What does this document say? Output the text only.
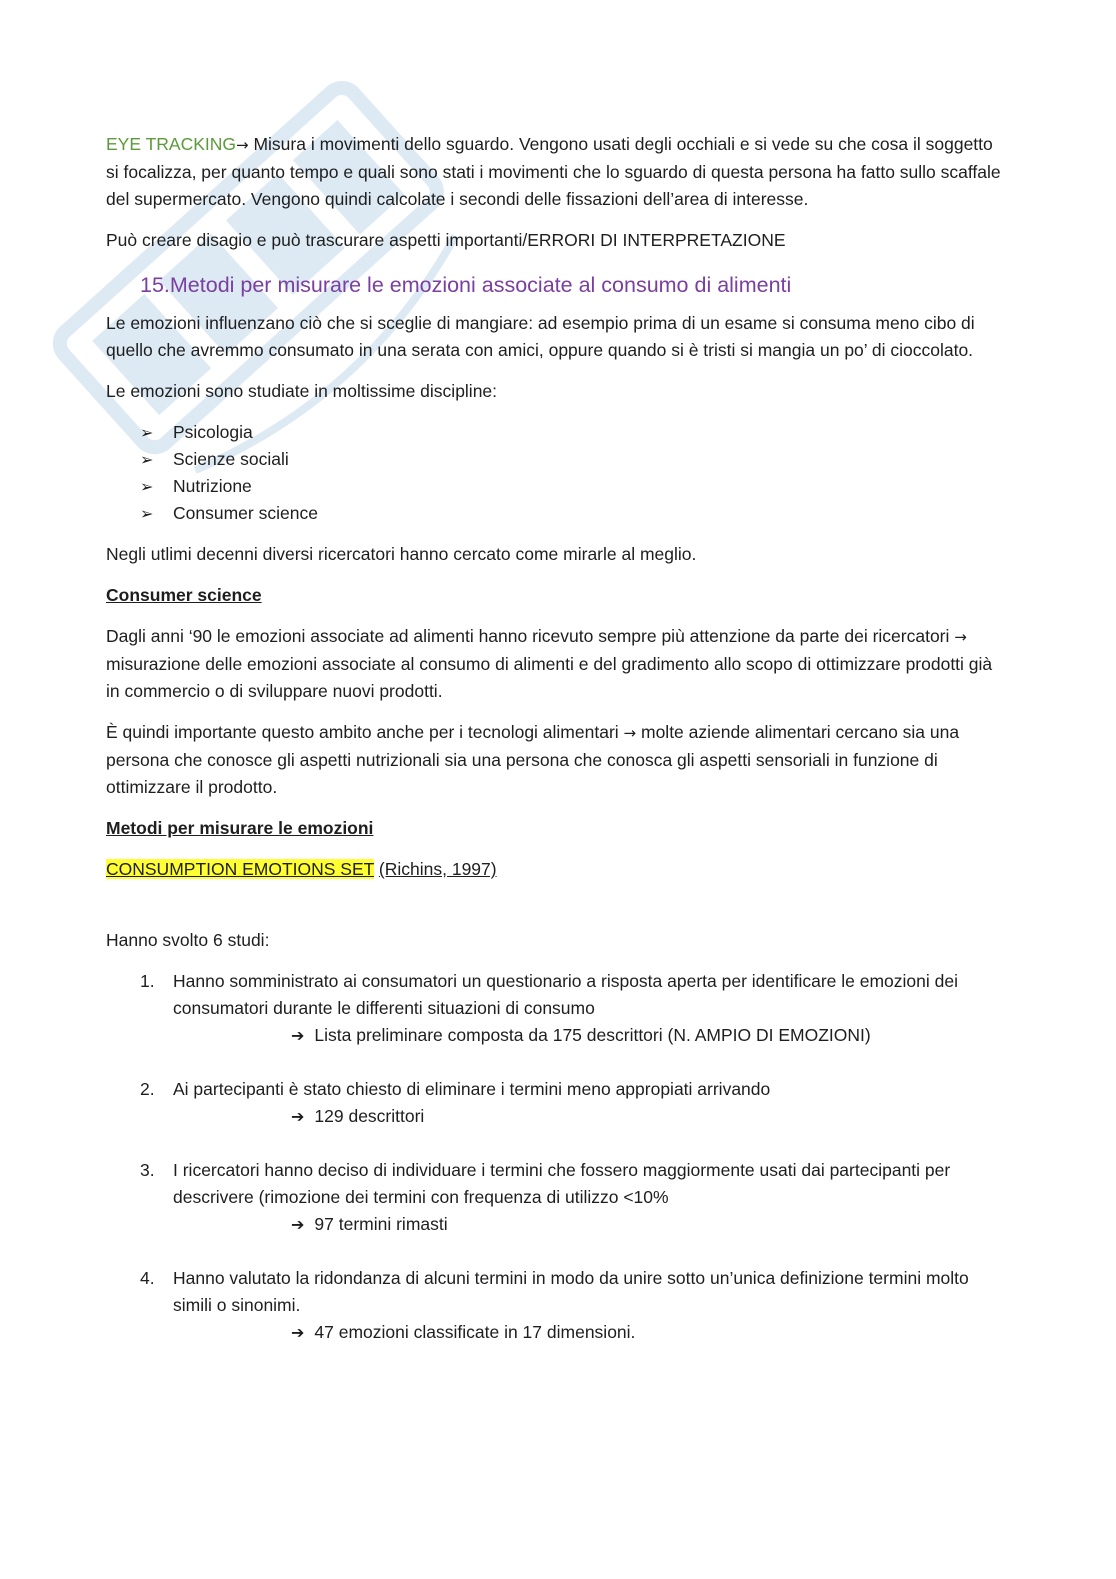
EYE TRACKING→ Misura i movimenti dello sguardo. Vengono usati degli occhiali e si vede su che cosa il soggetto si focalizza, per quanto tempo e quali sono stati i movimenti che lo sguardo di questa persona ha fatto sullo scaffale del supermercato. Vengono quindi calcolate i secondi delle fissazioni dell’area di interesse.

Può creare disagio e può trascurare aspetti importanti/ERRORI DI INTERPRETAZIONE

15.Metodi per misurare le emozioni associate al consumo di alimenti

Le emozioni influenzano ciò che si sceglie di mangiare: ad esempio prima di un esame si consuma meno cibo di quello che avremmo consumato in una serata con amici, oppure quando si è tristi si mangia un po’ di cioccolato.

Le emozioni sono studiate in moltissime discipline:

➢ Psicologia
➢ Scienze sociali
➢ Nutrizione
➢ Consumer science

Negli utlimi decenni diversi ricercatori hanno cercato come mirarle al meglio.

Consumer science

Dagli anni ‘90 le emozioni associate ad alimenti hanno ricevuto sempre più attenzione da parte dei ricercatori → misurazione delle emozioni associate al consumo di alimenti e del gradimento allo scopo di ottimizzare prodotti già in commercio o di sviluppare nuovi prodotti.

È quindi importante questo ambito anche per i tecnologi alimentari → molte aziende alimentari cercano sia una persona che conosce gli aspetti nutrizionali sia una persona che conosca gli aspetti sensoriali in funzione di ottimizzare il prodotto.

Metodi per misurare le emozioni

CONSUMPTION EMOTIONS SET (Richins, 1997)

Hanno svolto 6 studi:

1. Hanno somministrato ai consumatori un questionario a risposta aperta per identificare le emozioni dei consumatori durante le differenti situazioni di consumo
➔ Lista preliminare composta da 175 descrittori (N. AMPIO DI EMOZIONI)
2. Ai partecipanti è stato chiesto di eliminare i termini meno appropiati arrivando
➔ 129 descrittori
3. I ricercatori hanno deciso di individuare i termini che fossero maggiormente usati dai partecipanti per descrivere (rimozione dei termini con frequenza di utilizzo <10%
➔ 97 termini rimasti
4. Hanno valutato la ridondanza di alcuni termini in modo da unire sotto un’unica definizione termini molto simili o sinonimi.
➔ 47 emozioni classificate in 17 dimensioni.
